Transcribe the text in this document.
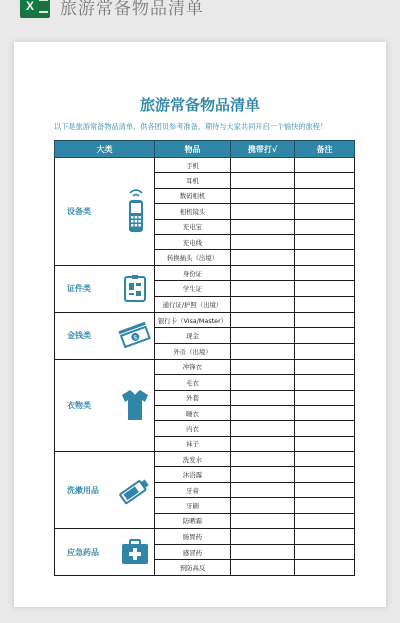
X 旅游常备物品清单
旅游常备物品清单
以下是旅游常备物品清单，供各团员参考准备。期待与大家共同开启一个愉快的旅程！
大类	物品	携带打√	备注

设备类	手机		
	耳机		
	数码相机		
	相机镜头		
	充电宝		
	充电线		
	转换插头（出境）		

证件类	身份证		
	学生证		
	通行证/护照（出境）		

金钱类 $	银行卡（Visa/Master）		
	现金		
	外币（出境）		

衣物类	冲锋衣		
	毛衣		
	外套		
	睡衣		
	内衣		
	袜子		

洗漱用品	洗发水		
	沐浴露		
	牙膏		
	牙刷		
	防晒霜		

应急药品	肠胃药		
	感冒药		
	预防高反		
